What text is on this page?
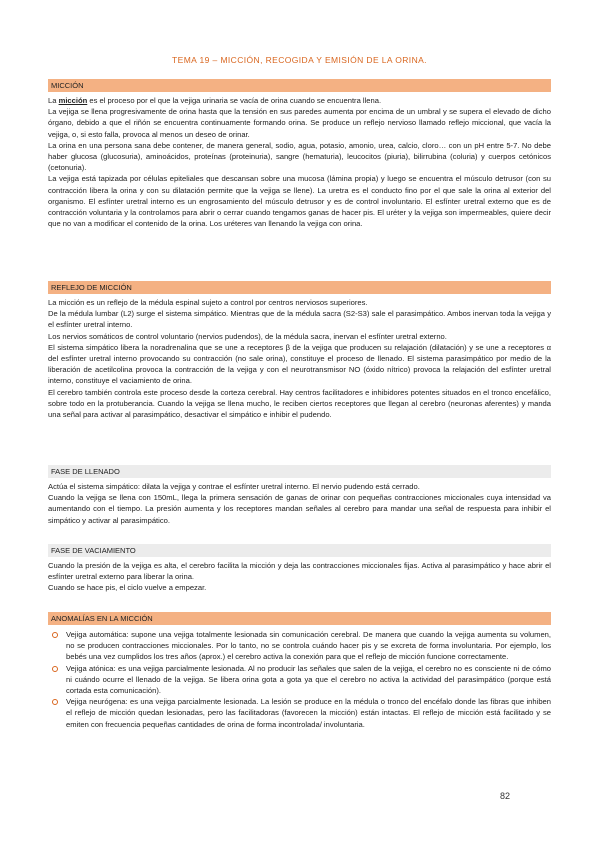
TEMA 19 – MICCIÓN, RECOGIDA Y EMISIÓN DE LA ORINA.
MICCIÓN

La micción es el proceso por el que la vejiga urinaria se vacía de orina cuando se encuentra llena.

La vejiga se llena progresivamente de orina hasta que la tensión en sus paredes aumenta por encima de un umbral y se supera el elevado de dicho órgano, debido a que el riñón se encuentra continuamente formando orina. Se produce un reflejo nervioso llamado reflejo miccional, que vacía la vejiga, o, si esto falla, provoca al menos un deseo de orinar.

La orina en una persona sana debe contener, de manera general, sodio, agua, potasio, amonio, urea, calcio, cloro… con un pH entre 5-7. No debe haber glucosa (glucosuria), aminoácidos, proteínas (proteinuria), sangre (hematuria), leucocitos (piuria), bilirrubina (coluria) y cuerpos cetónicos (cetonuria).

La vejiga está tapizada por células epiteliales que descansan sobre una mucosa (lámina propia) y luego se encuentra el músculo detrusor (con su contracción libera la orina y con su dilatación permite que la vejiga se llene). La uretra es el conducto fino por el que sale la orina al exterior del organismo. El esfínter uretral interno es un engrosamiento del músculo detrusor y es de control involuntario. El esfínter uretral externo que es de contracción voluntaria y la controlamos para abrir o cerrar cuando tengamos ganas de hacer pis. El uréter y la vejiga son impermeables, quiere decir que no van a modificar el contenido de la orina. Los uréteres van llenando la vejiga con orina.

REFLEJO DE MICCIÓN

La micción es un reflejo de la médula espinal sujeto a control por centros nerviosos superiores.

De la médula lumbar (L2) surge el sistema simpático. Mientras que de la médula sacra (S2-S3) sale el parasimpático. Ambos inervan toda la vejiga y el esfínter uretral interno.

Los nervios somáticos de control voluntario (nervios pudendos), de la médula sacra, inervan el esfínter uretral externo.

El sistema simpático libera la noradrenalina que se une a receptores β de la vejiga que producen su relajación (dilatación) y se une a receptores α del esfínter uretral interno provocando su contracción (no sale orina), constituye el proceso de llenado. El sistema parasimpático por medio de la liberación de acetilcolina provoca la contracción de la vejiga y con el neurotransmisor NO (óxido nítrico) provoca la relajación del esfínter uretral interno, constituye el vaciamiento de orina.

El cerebro también controla este proceso desde la corteza cerebral. Hay centros facilitadores e inhibidores potentes situados en el tronco encefálico, sobre todo en la protuberancia. Cuando la vejiga se llena mucho, le reciben ciertos receptores que llegan al cerebro (neuronas aferentes) y manda una señal para activar al parasimpático, desactivar el simpático e inhibir el pudendo.

FASE DE LLENADO

Actúa el sistema simpático: dilata la vejiga y contrae el esfínter uretral interno. El nervio pudendo está cerrado.

Cuando la vejiga se llena con 150mL, llega la primera sensación de ganas de orinar con pequeñas contracciones miccionales cuya intensidad va aumentando con el tiempo. La presión aumenta y los receptores mandan señales al cerebro para mandar una señal de respuesta para inhibir el simpático y activar al parasimpático.

FASE DE VACIAMIENTO

Cuando la presión de la vejiga es alta, el cerebro facilita la micción y deja las contracciones miccionales fijas. Activa al parasimpático y hace abrir el esfínter uretral externo para liberar la orina.

Cuando se hace pis, el ciclo vuelve a empezar.

ANOMALÍAS EN LA MICCIÓN
Vejiga automática: supone una vejiga totalmente lesionada sin comunicación cerebral. De manera que cuando la vejiga aumenta su volumen, no se producen contracciones miccionales. Por lo tanto, no se controla cuándo hacer pis y se excreta de forma involuntaria. Por ejemplo, los bebés una vez cumplidos los tres años (aprox.) el cerebro activa la conexión para que el reflejo de micción funcione correctamente.
Vejiga atónica: es una vejiga parcialmente lesionada. Al no producir las señales que salen de la vejiga, el cerebro no es consciente ni de cómo ni cuándo ocurre el llenado de la vejiga. Se libera orina gota a gota ya que el cerebro no activa la actividad del parasimpático (porque está cortada esta comunicación).
Vejiga neurógena: es una vejiga parcialmente lesionada. La lesión se produce en la médula o tronco del encéfalo donde las fibras que inhiben el reflejo de micción quedan lesionadas, pero las facilitadoras (favorecen la micción) están intactas. El reflejo de micción está facilitado y se emiten con frecuencia pequeñas cantidades de orina de forma incontrolada/ involuntaria.
82
